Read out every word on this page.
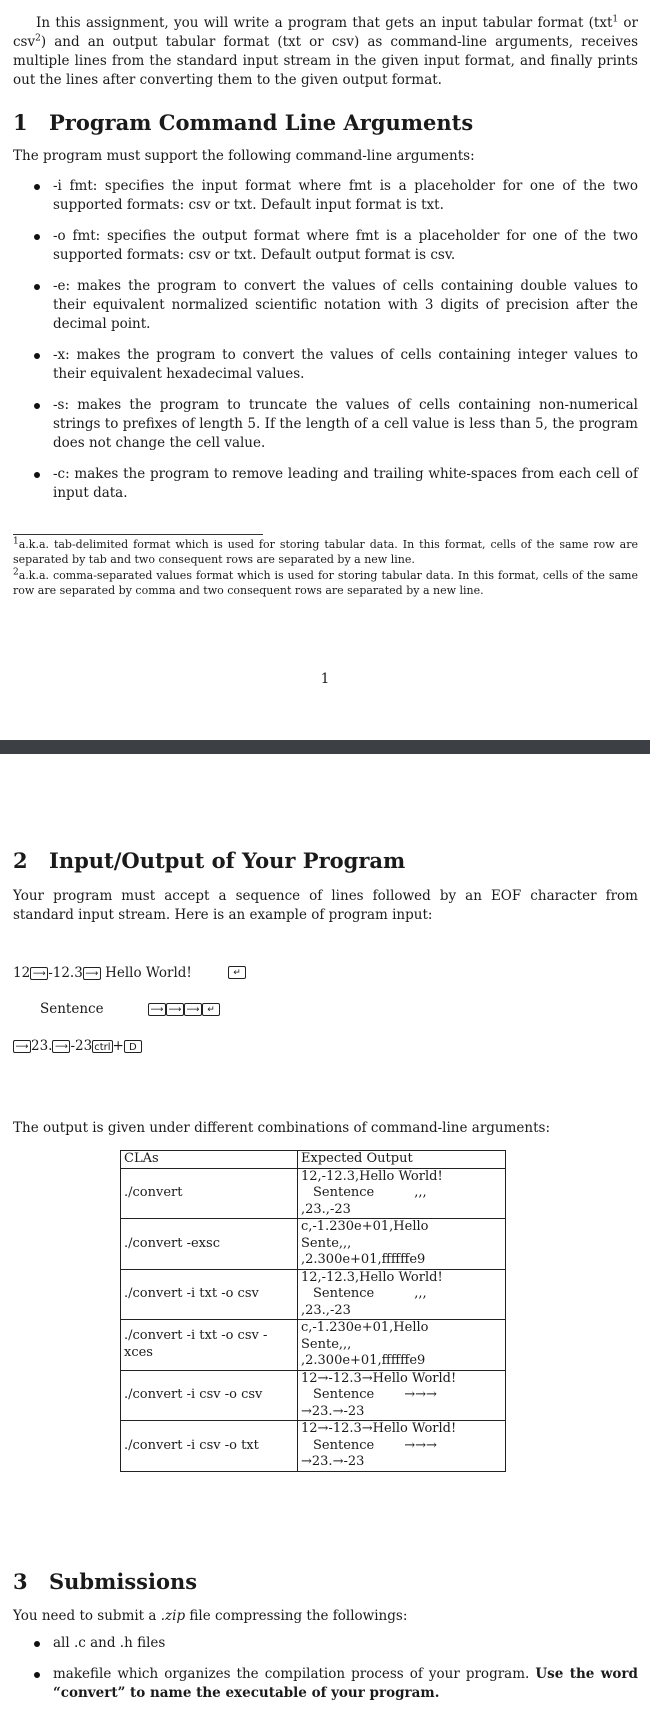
In this assignment, you will write a program that gets an input tabular format (txt$^1$ or csv$^2$) and an output tabular format (txt or csv) as command-line arguments, receives multiple lines from the standard input stream in the given input format, and finally prints out the lines after converting them to the given output format.

1 Program Command Line Arguments

The program must support the following command-line arguments:

-i fmt: specifies the input format where fmt is a placeholder for one of the two supported formats: csv or txt. Default input format is txt.
-o fmt: specifies the output format where fmt is a placeholder for one of the two supported formats: csv or txt. Default output format is csv.
-e: makes the program to convert the values of cells containing double values to their equivalent normalized scientific notation with 3 digits of precision after the decimal point.
-x: makes the program to convert the values of cells containing integer values to their equivalent hexadecimal values.
-s: makes the program to truncate the values of cells containing non-numerical strings to prefixes of length 5. If the length of a cell value is less than 5, the program does not change the cell value.
-c: makes the program to remove leading and trailing white-spaces from each cell of input data.

$^1$a.k.a. tab-delimited format which is used for storing tabular data. In this format, cells of the same row are separated by tab and two consequent rows are separated by a new line.

$^2$a.k.a. comma-separated values format which is used for storing tabular data. In this format, cells of the same row are separated by comma and two consequent rows are separated by a new line.

1
2 Input/Output of Your Program

Your program must accept a sequence of lines followed by an EOF character from standard input stream. Here is an example of program input:

12 ⟶ -12.3 ⟶ Hello World!	↵
Sentence	⟶ ⟶ ⟶ ↵
⟶ 23. ⟶ -23 ctrl + D

The output is given under different combinations of command-line arguments:

CLAs	Expected Output
./convert	12,-12.3,Hello World!
Sentence ,,,
,23.,-23

./convert -exsc	c,-1.230e+01,Hello
Sente,,,
,2.300e+01,ffffffe9

./convert -i txt -o csv	12,-12.3,Hello World!
Sentence ,,,
,23.,-23

./convert -i txt -o csv -xces	c,-1.230e+01,Hello
Sente,,,
,2.300e+01,ffffffe9

./convert -i csv -o csv	12→-12.3→Hello World!
Sentence →→→
→23.→-23

./convert -i csv -o txt	12→-12.3→Hello World!
Sentence →→→
→23.→-23
3 Submissions

You need to submit a .zip file compressing the followings:

all .c and .h files
makefile which organizes the compilation process of your program. Use the word “convert” to name the executable of your program.
